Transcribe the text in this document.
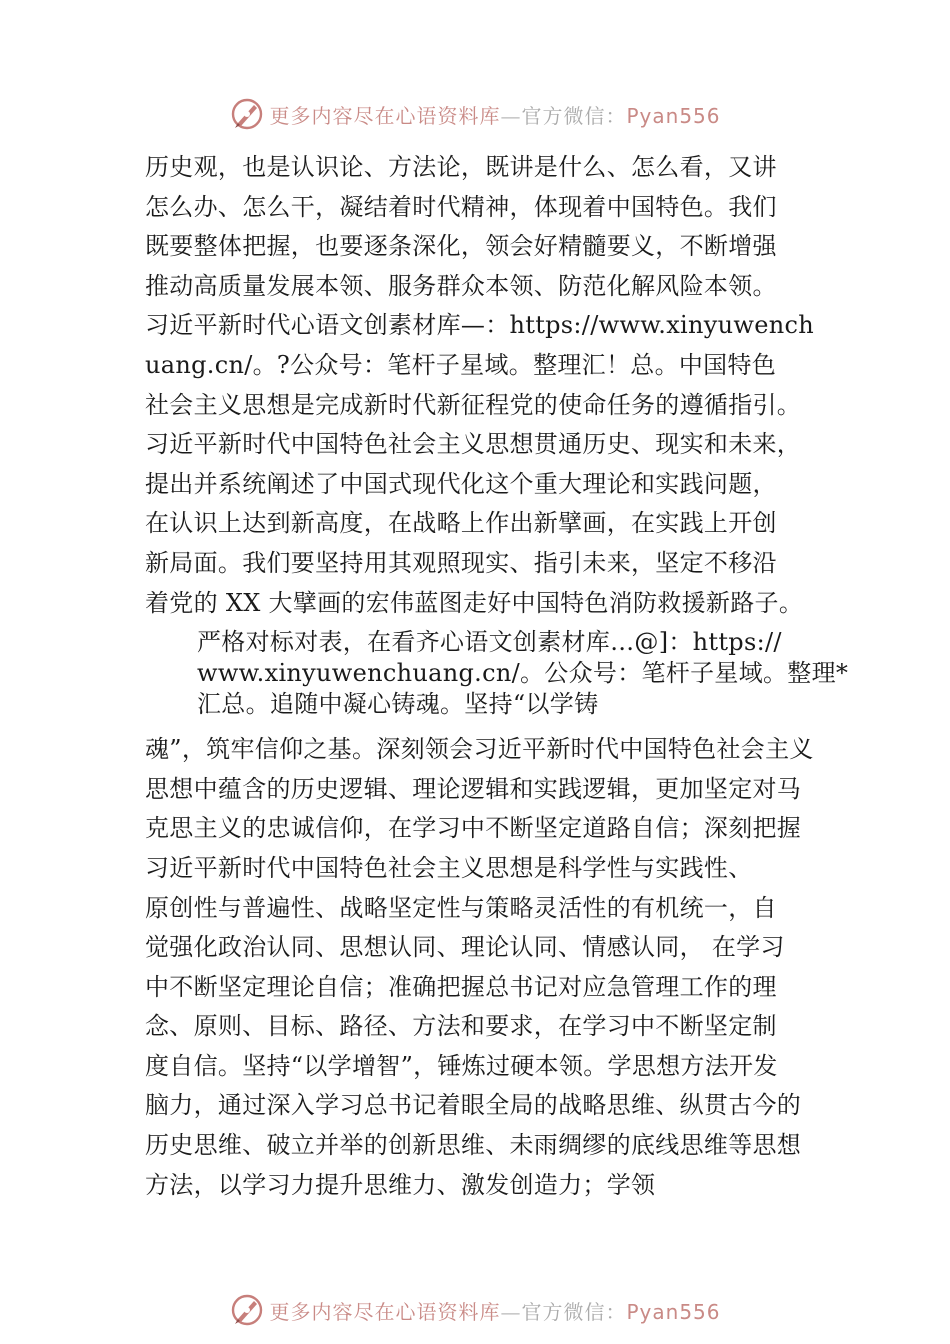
更多内容尽在心语资料库—官方微信：Pyan556

历史观，也是认识论、方法论，既讲是什么、怎么看，又讲

怎么办、怎么干，凝结着时代精神，体现着中国特色。我们

既要整体把握，也要逐条深化，领会好精髓要义，不断增强

推动高质量发展本领、服务群众本领、防范化解风险本领。

习近平新时代心语文创素材库—：https://www.xinyuwench

uang.cn/。?公众号：笔杆子星域。整理汇！总。中国特色

社会主义思想是完成新时代新征程党的使命任务的遵循指引。

习近平新时代中国特色社会主义思想贯通历史、现实和未来，

提出并系统阐述了中国式现代化这个重大理论和实践问题，

在认识上达到新高度，在战略上作出新擘画，在实践上开创

新局面。我们要坚持用其观照现实、指引未来，坚定不移沿

着党的 XX 大擘画的宏伟蓝图走好中国特色消防救援新路子。

严格对标对表，在看齐心语文创素材库…@]：https://

www.xinyuwenchuang.cn/。公众号：笔杆子星域。整理*

汇总。追随中凝心铸魂。坚持“以学铸

魂”，筑牢信仰之基。深刻领会习近平新时代中国特色社会主义

思想中蕴含的历史逻辑、理论逻辑和实践逻辑，更加坚定对马

克思主义的忠诚信仰，在学习中不断坚定道路自信；深刻把握

习近平新时代中国特色社会主义思想是科学性与实践性、

原创性与普遍性、战略坚定性与策略灵活性的有机统一，自

觉强化政治认同、思想认同、理论认同、情感认同， 在学习

中不断坚定理论自信；准确把握总书记对应急管理工作的理

念、原则、目标、路径、方法和要求，在学习中不断坚定制

度自信。坚持“以学增智”，锤炼过硬本领。学思想方法开发

脑力，通过深入学习总书记着眼全局的战略思维、纵贯古今的

历史思维、破立并举的创新思维、未雨绸缪的底线思维等思想

方法，以学习力提升思维力、激发创造力；学领

更多内容尽在心语资料库—官方微信：Pyan556
